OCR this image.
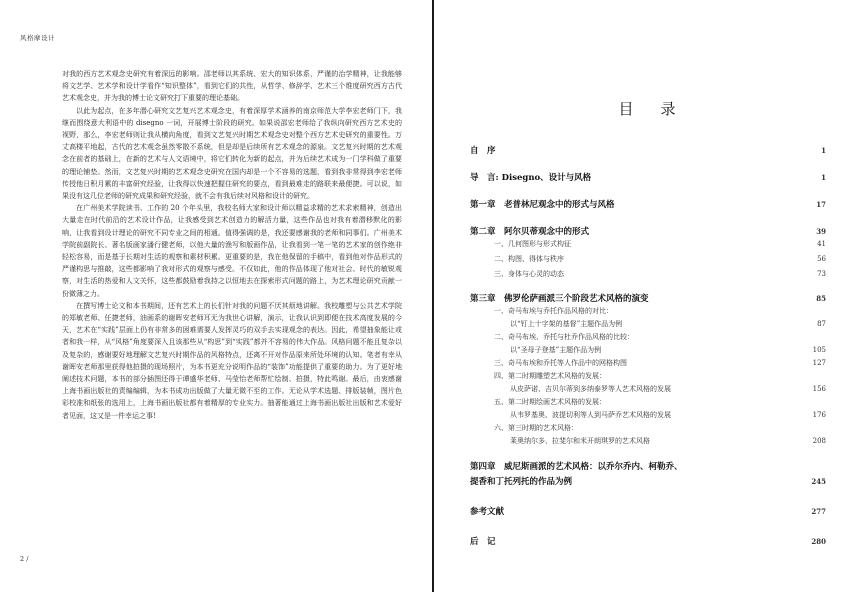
风格摩设计

对我的西方艺术观念史研究有着深远的影响。邵老师以其系统、宏大的知识体系，严谨的治学精神，让我能够将文艺学、艺术学和设计学看作“知识整体”，看到它们的共性，从哲学、修辞学、艺术三个维度研究西方古代艺术观念史，并为我的博士论文研究打下重要的理论基础。

以此为起点，在多年潜心研究文艺复兴艺术观念史，有着深厚学术涵养的南京师范大学李宏老师门下，我继而围绕意大利语中的 disegno 一词，开展博士阶段的研究。如果说邵宏老师给了我纵向研究西方艺术史的视野，那么，李宏老师则让我从横向角度，看到文艺复兴时期艺术观念史对整个西方艺术史研究的重要性。万丈高楼平地起，古代的艺术观念虽然零散不系统，但是却是后续所有艺术观念的源泉。文艺复兴时期的艺术观念在前者的基础上，在新的艺术与人文语境中，将它们转化为新的起点，并为后续艺术成为一门学科做了重要的理论铺垫。然而，文艺复兴时期的艺术观念史研究在国内却是一个不容易的选题，看到我非常得到李宏老师传授他日积月累的丰富研究经验，让我得以快速把握住研究的要点，看到最难走的路联来最便捷。可以说，如果没有这几位老师的研究成果和研究经验，就不会有我后续对风格和设计的研究。

在广州美术学院读书、工作的 20 个年头里，我校名师大家和设计师以精益求精的艺术求索精神，创造出大量走在时代前沿的艺术设计作品，让我感受到艺术创造力的解活力量，这些作品也对我有着潜移默化的影响，让我看到设计理论的研究不同专业之间的相通。值得强调的是，我还要感谢我的老师和同事们。广州美术学院前副院长、著名版画家潘行健老师，以他大量的渔写和版画作品，让我看到一笔一笔的艺术家的创作绝非轻松容易，而是基于长期对生活的观察和素材积累。更重要的是，我在他保留的手稿中，看到他对作品形式的严谨构思与推敲，这些都影响了我对形式的观察与感受。不仅如此，他的作品体现了他对社会、时代的敏锐观察，对生活的热爱和人文关怀，这些都鼓励着我持之以恒地去在探索形式问题的路上，为艺术理论研究贡献一份微薄之力。

在撰写博士论文和本书期间，还有艺术上的长们针对我的问题不厌其烦地讲解。我校雕塑与公共艺术学院的郑敏老师、任捷老师，油画系的谢晖安老师耳无为我世心讲解，演示，让我认识到即便在技术高度发展的今天，艺术在“实践”层面上仍有非常多的困难需要人发挥灵巧的双手去实现观念的表达。因此，希望抽象能让或者和我一样，从“风格”角度要深入且该那些从“构思”到“实践”都并不容易的伟大作品。风格问题不能且复杂以及复杂的，感谢要好地理解文艺复兴时期作品的风格特点，还离不开对作品原来所处环境的认知。笔者有幸从谢晖安老师那里获得他拍摄的现场照片，为本书更充分说明作品的“装饰”功能提供了重要的助力。为了更好地阐述技术问题，本书的部分插图还得于谭盛华老师、马莹怡老师帮忙绘制、拍摄，特此鸣谢。最后，由衷感谢上海书画出版社的责编编辑，为本书成功出版做了大量无微不至的工作。无论从学术选题、排版装帧，图片色彩校准和纸张的选用上，上海书画出版社都有着精厚的专业实力。抽著能通过上海书画出版社出版和艺术爱好者见面，这又是一件幸运之事!

2 /
目　录
自　序	1
导　言: Disegno、设计与风格	1
第一章　老普林尼观念中的形式与风格	17
第二章　阿尔贝蒂观念中的形式	39
一、几何图形与形式构征	41
二、构图、得体与秩序	56
三、身体与心灵的动态	73
第三章　佛罗伦萨画派三个阶段艺术风格的演变	85
一、奇马布埃与乔托作品风格的对比：
以“钉上十字架的基督”主题作品为例	87
二、奇马布埃、乔托与杜乔作品风格的比较：
以“圣母子登基”主题作品为例	105
三、奇马布埃和乔托等人作品中的网格构图	127
四、第二时期雕塑艺术风格的发展：
从皮萨诺、吉贝尔蒂到多纳泰罗等人艺术风格的发展	156
五、第二时期绘画艺术风格的发展：
从韦罗基奥、波提切利等人到马萨乔艺术风格的发展	176
六、第三时期的艺术风格：
莱奥纳尔多、拉斐尔和米开朗琪罗的艺术风格	208
第四章　威尼斯画派的艺术风格：以乔尔乔内、柯勒乔、
提香和丁托列托的作品为例	245
参考文献	277
后　记	280
